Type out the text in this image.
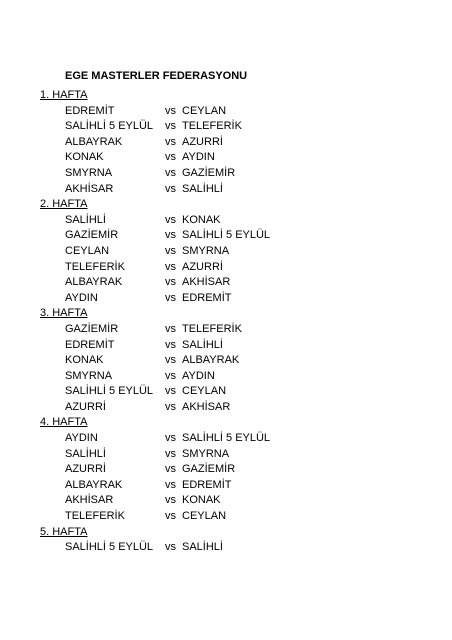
EGE MASTERLER FEDERASYONU
1. HAFTA
EDREMİT	vs CEYLAN
SALİHLİ 5 EYLÜL vs TELEFERİK
ALBAYRAK	vs AZURRİ
KONAK	vs AYDIN
SMYRNA	vs GAZİEMİR
AKHİSAR	vs SALİHLİ
2. HAFTA
SALİHLİ	vs KONAK
GAZİEMİR	vs SALİHLİ 5 EYLÜL
CEYLAN	vs SMYRNA
TELEFERİK	vs AZURRİ
ALBAYRAK	vs AKHİSAR
AYDIN	vs EDREMİT
3. HAFTA
GAZİEMİR	vs TELEFERİK
EDREMİT	vs SALİHLİ
KONAK	vs ALBAYRAK
SMYRNA	vs AYDIN
SALİHLİ 5 EYLÜL vs CEYLAN
AZURRİ	vs AKHİSAR
4. HAFTA
AYDIN	vs SALİHLİ 5 EYLÜL
SALİHLİ	vs SMYRNA
AZURRİ	vs GAZİEMİR
ALBAYRAK	vs EDREMİT
AKHİSAR	vs KONAK
TELEFERİK	vs CEYLAN
5. HAFTA
SALİHLİ 5 EYLÜL vs SALİHLİ
